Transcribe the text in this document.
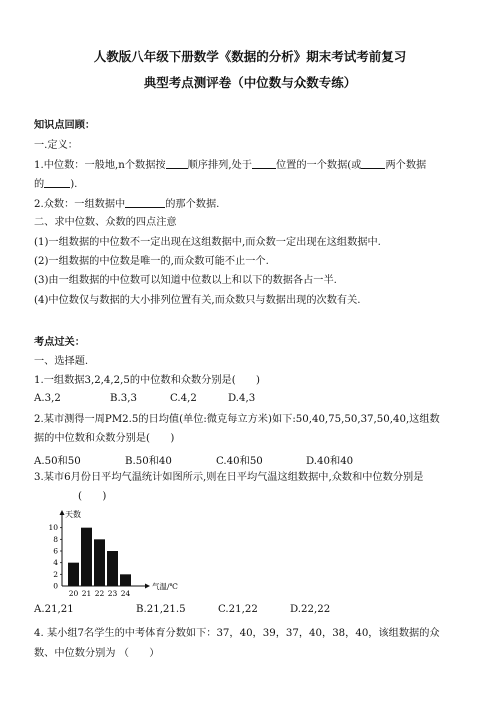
人教版八年级下册数学《数据的分析》期末考试考前复习
典型考点测评卷（中位数与众数专练）
知识点回顾：
一.定义：
1.中位数：一般地,n个数据按 顺序排列,处于 位置的一个数据(或 两个数据
的	).
2.众数：一组数据中	的那个数据.
二、求中位数、众数的四点注意
(1)一组数据的中位数不一定出现在这组数据中,而众数一定出现在这组数据中.
(2)一组数据的中位数是唯一的,而众数可能不止一个.
(3)由一组数据的中位数可以知道中位数以上和以下的数据各占一半.
(4)中位数仅与数据的大小排列位置有关,而众数只与数据出现的次数有关.
考点过关：
一、选择题.
1.一组数据3,2,4,2,5的中位数和众数分别是(　　)
A.3,2	B.3,3	C.4,2	D.4,3
2.某市测得一周PM2.5的日均值(单位:微克每立方米)如下:50,40,75,50,37,50,40,这组数
据的中位数和众数分别是(　　)
A.50和50	B.50和40	C.40和50	D.40和40
3.某市6月份日平均气温统计如图所示,则在日平均气温这组数据中,众数和中位数分别是
(　　)
天数
气温/℃
0
2
4
6
8
10
20 21 22 23 24
A.21,21	B.21,21.5	C.21,22	D.22,22
4. 某小组7名学生的中考体育分数如下：37，40，39，37，40，38，40，该组数据的众
数、中位数分别为 （　　）
